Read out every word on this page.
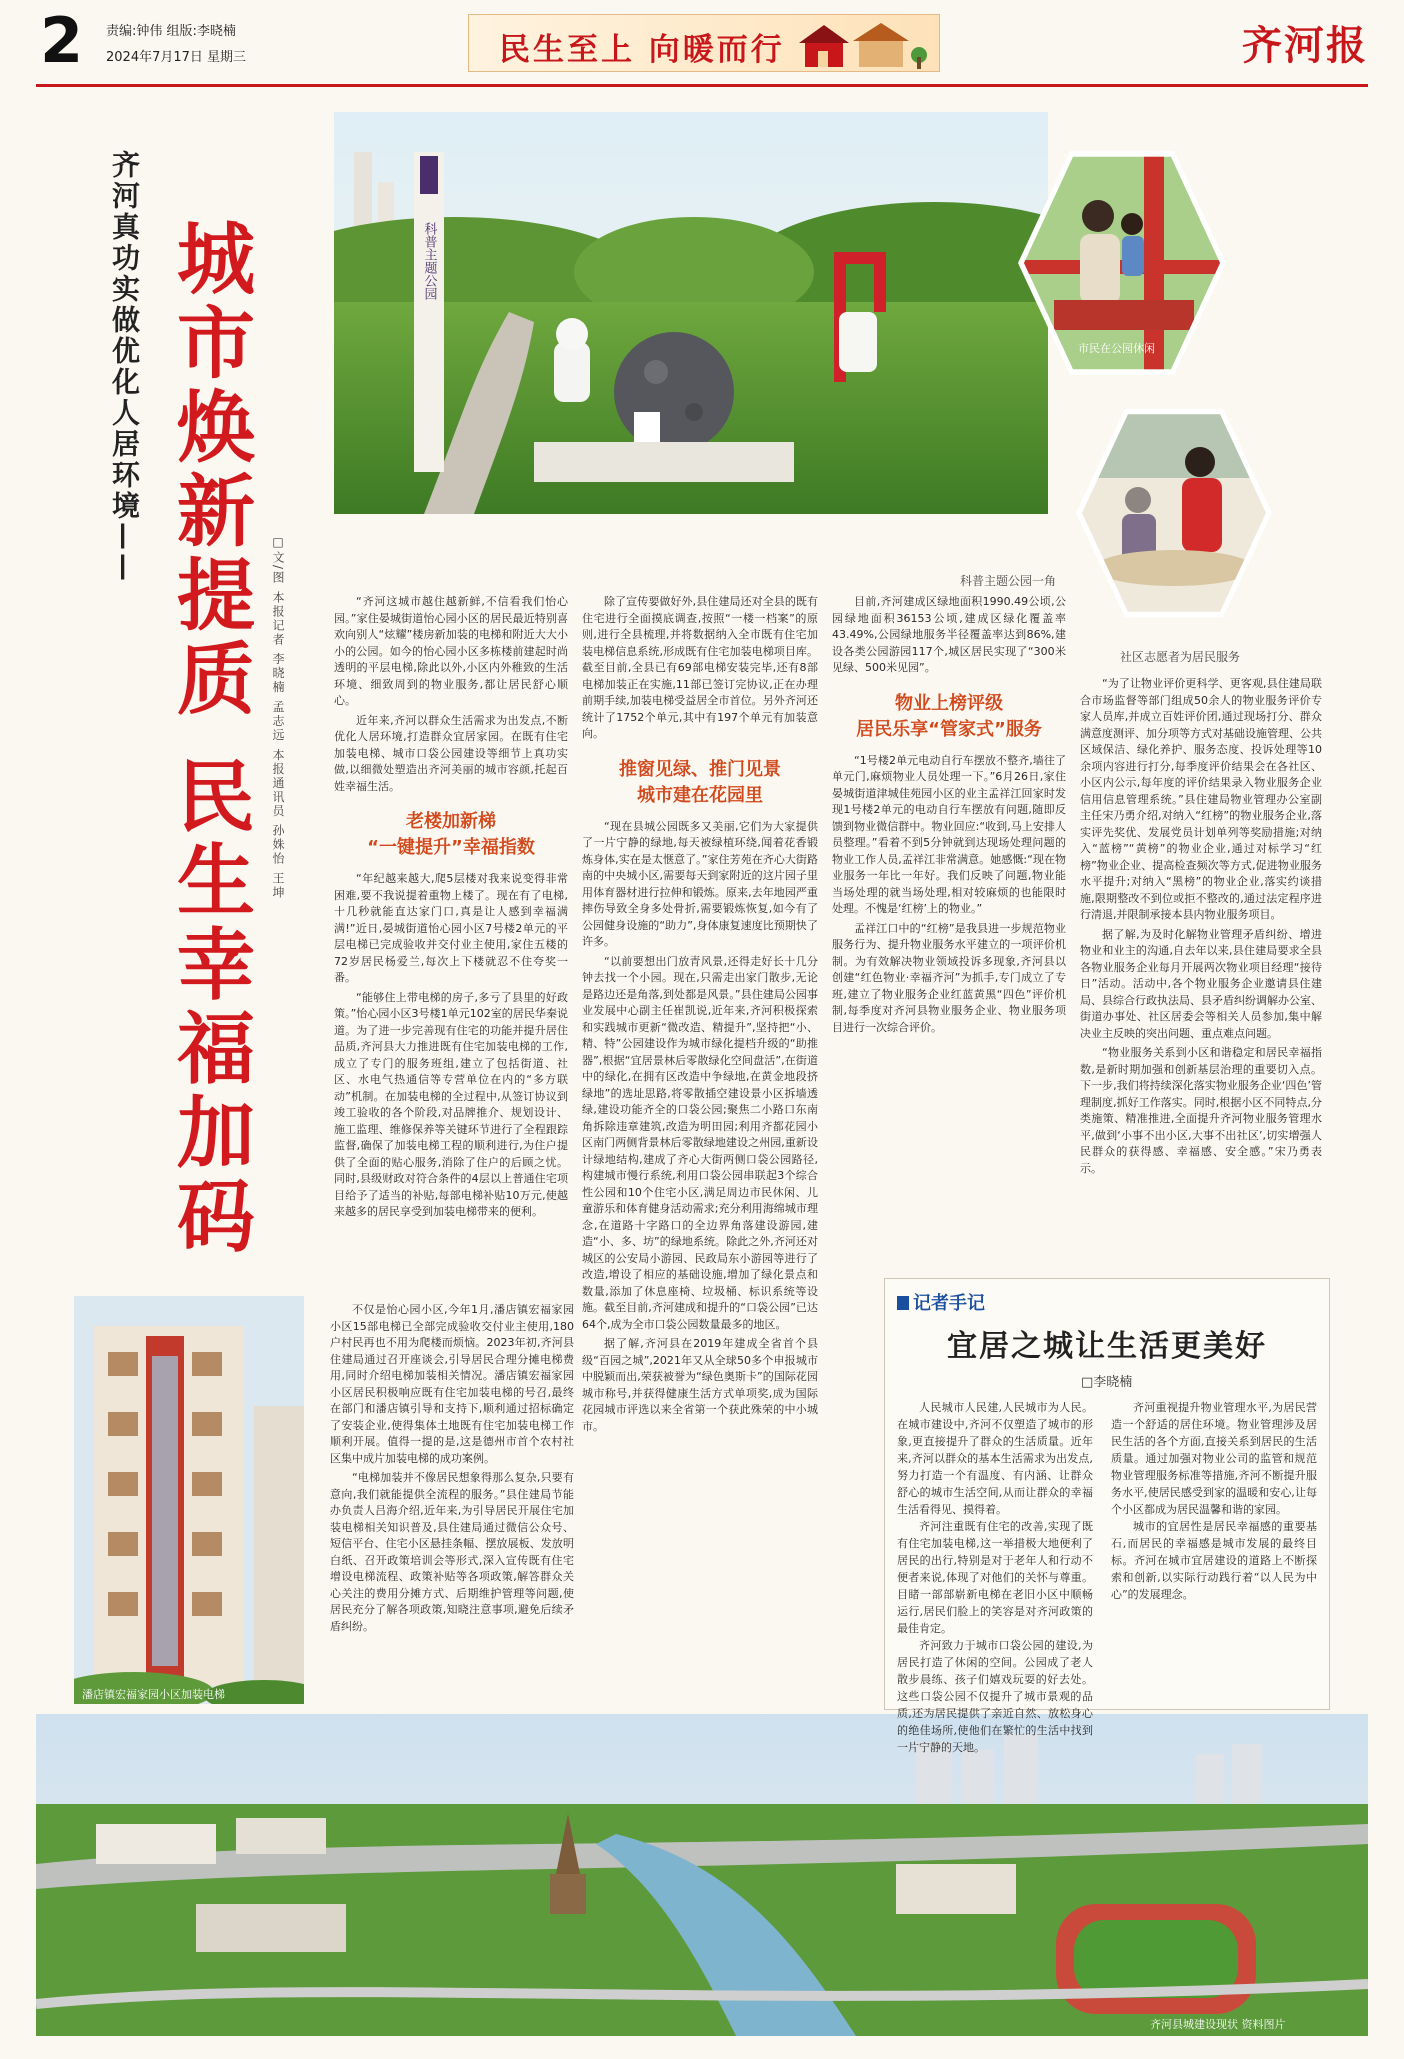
2 责编:钟伟 组版:李晓楠
2024年7月17日 星期三	民生至上 向暖而行	齐河报
齐河真功实做优化人居环境—— 城市焕新提质 民生幸福加码 □文/图 本报记者 李晓楠 孟志远 本报通讯员 孙姝怡 王坤
科普主题公园
科普主题公园一角
市民在公园休闲
社区志愿者为居民服务
潘店镇宏福家园小区加装电梯
齐河县城建设现状 资料图片

“齐河这城市越住越新鲜,不信看我们怡心园。”家住晏城街道怡心园小区的居民最近特别喜欢向别人“炫耀”楼房新加装的电梯和附近大大小小的公园。如今的怡心园小区多栋楼前建起时尚透明的平层电梯,除此以外,小区内外稚致的生活环境、细致周到的物业服务,都让居民舒心顺心。

近年来,齐河以群众生活需求为出发点,不断优化人居环境,打造群众宜居家园。在既有住宅加装电梯、城市口袋公园建设等细节上真功实做,以细微处塑造出齐河美丽的城市容颜,托起百姓幸福生活。

老楼加新梯
“一键提升”幸福指数

“年纪越来越大,爬5层楼对我来说变得非常困难,要不我说提着重物上楼了。现在有了电梯,十几秒就能直达家门口,真是让人感到幸福满满!”近日,晏城街道怡心园小区7号楼2单元的平层电梯已完成验收并交付业主使用,家住五楼的72岁居民杨爱兰,每次上下楼就忍不住夸奖一番。

“能够住上带电梯的房子,多亏了县里的好政策。”怡心园小区3号楼1单元102室的居民华秦说道。为了进一步完善现有住宅的功能并提升居住品质,齐河县大力推进既有住宅加装电梯的工作,成立了专门的服务班组,建立了包括街道、社区、水电气热通信等专营单位在内的“多方联动”机制。在加装电梯的全过程中,从签订协议到竣工验收的各个阶段,对品牌推介、规划设计、施工监理、维修保养等关键环节进行了全程跟踪监督,确保了加装电梯工程的顺利进行,为住户提供了全面的贴心服务,消除了住户的后顾之忧。同时,县级财政对符合条件的4层以上普通住宅项目给予了适当的补贴,每部电梯补贴10万元,使越来越多的居民享受到加装电梯带来的便利。

不仅是怡心园小区,今年1月,潘店镇宏福家园小区15部电梯已全部完成验收交付业主使用,180户村民再也不用为爬楼而烦恼。2023年初,齐河县住建局通过召开座谈会,引导居民合理分摊电梯费用,同时介绍电梯加装相关情况。潘店镇宏福家园小区居民积极响应既有住宅加装电梯的号召,最终在部门和潘店镇引导和支持下,顺利通过招标确定了安装企业,使得集体土地既有住宅加装电梯工作顺利开展。值得一提的是,这是德州市首个农村社区集中成片加装电梯的成功案例。

“电梯加装并不像居民想象得那么复杂,只要有意向,我们就能提供全流程的服务。”县住建局节能办负责人吕海介绍,近年来,为引导居民开展住宅加装电梯相关知识普及,县住建局通过微信公众号、短信平台、住宅小区悬挂条幅、摆放展板、发放明白纸、召开政策培训会等形式,深入宣传既有住宅增设电梯流程、政策补贴等各项政策,解答群众关心关注的费用分摊方式、后期维护管理等问题,使居民充分了解各项政策,知晓注意事项,避免后续矛盾纠纷。

除了宣传要做好外,县住建局还对全县的既有住宅进行全面摸底调查,按照“一楼一档案”的原则,进行全县梳理,并将数据纳入全市既有住宅加装电梯信息系统,形成既有住宅加装电梯项目库。截至目前,全县已有69部电梯安装完毕,还有8部电梯加装正在实施,11部已签订完协议,正在办理前期手续,加装电梯受益居全市首位。另外齐河还统计了1752个单元,其中有197个单元有加装意向。

推窗见绿、推门见景
城市建在花园里

“现在县城公园既多又美丽,它们为大家提供了一片宁静的绿地,每天被绿植环绕,闻着花香锻炼身体,实在是太惬意了。”家住芳苑在齐心大街路南的中央城小区,需要每天到家附近的这片园子里用体育器材进行拉伸和锻炼。原来,去年地园严重摔伤导致全身多处骨折,需要锻炼恢复,如今有了公园健身设施的“助力”,身体康复速度比预期快了许多。

“以前要想出门放青风景,还得走好长十几分钟去找一个小园。现在,只需走出家门散步,无论是路边还是角落,到处都是风景。”县住建局公园事业发展中心副主任崔凯说,近年来,齐河积极探索和实践城市更新“微改造、精提升”,坚持把“小、精、特”公园建设作为城市绿化提档升级的“助推器”,根据“宜居景林后零散绿化空间盘活”,在街道中的绿化,在拥有区改造中争绿地,在黄金地段挤绿地”的选址思路,将零散插空建设景小区拆墙透绿,建设功能齐全的口袋公园;聚焦二小路口东南角拆除违章建筑,改造为明田园;利用齐都花园小区南门两侧背景林后零散绿地建设之州园,重新设计绿地结构,建成了齐心大街两侧口袋公园路径,构建城市慢行系统,利用口袋公园串联起3个综合性公园和10个住宅小区,满足周边市民休闲、儿童游乐和体育健身活动需求;充分利用海绵城市理念,在道路十字路口的全边界角落建设游园,建造“小、多、坊”的绿地系统。除此之外,齐河还对城区的公安局小游园、民政局东小游园等进行了改造,增设了相应的基础设施,增加了绿化景点和数量,添加了休息座椅、垃圾桶、标识系统等设施。截至目前,齐河建成和提升的“口袋公园”已达64个,成为全市口袋公园数量最多的地区。

据了解,齐河县在2019年建成全省首个县级“百园之城”,2021年又从全球50多个申报城市中脱颖而出,荣获被誉为“绿色奥斯卡”的国际花园城市称号,并获得健康生活方式单项奖,成为国际花园城市评选以来全省第一个获此殊荣的中小城市。

目前,齐河建成区绿地面积1990.49公顷,公园绿地面积36153公顷,建成区绿化覆盖率43.49%,公园绿地服务半径覆盖率达到86%,建设各类公园游园117个,城区居民实现了“300米见绿、500米见园”。

物业上榜评级
居民乐享“管家式”服务

“1号楼2单元电动自行车摆放不整齐,墙往了单元门,麻烦物业人员处理一下。”6月26日,家住晏城街道津城佳苑园小区的业主孟祥江回家时发现1号楼2单元的电动自行车摆放有问题,随即反馈到物业微信群中。物业回应:“收到,马上安排人员整理。”看着不到5分钟就到达现场处理问题的物业工作人员,孟祥江非常满意。她感慨:“现在物业服务一年比一年好。我们反映了问题,物业能当场处理的就当场处理,相对较麻烦的也能限时处理。不愧是‘红榜’上的物业。”

孟祥江口中的“红榜”是我县进一步规范物业服务行为、提升物业服务水平建立的一项评价机制。为有效解决物业领域投诉多现象,齐河县以创建“红色物业·幸福齐河”为抓手,专门成立了专班,建立了物业服务企业红蓝黄黑“四色”评价机制,每季度对齐河县物业服务企业、物业服务项目进行一次综合评价。

“为了让物业评价更科学、更客观,县住建局联合市场监督等部门组成50余人的物业服务评价专家人员库,并成立百姓评价团,通过现场打分、群众满意度测评、加分项等方式对基础设施管理、公共区域保洁、绿化养护、服务态度、投诉处理等10余项内容进行打分,每季度评价结果会在各社区、小区内公示,每年度的评价结果录入物业服务企业信用信息管理系统。”县住建局物业管理办公室副主任宋乃勇介绍,对纳入“红榜”的物业服务企业,落实评先奖优、发展党员计划单列等奖励措施;对纳入“蓝榜”“黄榜”的物业企业,通过对标学习“红榜”物业企业、提高检查频次等方式,促进物业服务水平提升;对纳入“黑榜”的物业企业,落实约谈措施,限期整改不到位或拒不整改的,通过法定程序进行清退,并限制承接本县内物业服务项目。

据了解,为及时化解物业管理矛盾纠纷、增进物业和业主的沟通,自去年以来,县住建局要求全县各物业服务企业每月开展两次物业项目经理“接待日”活动。活动中,各个物业服务企业邀请县住建局、县综合行政执法局、县矛盾纠纷调解办公室、街道办事处、社区居委会等相关人员参加,集中解决业主反映的突出问题、重点难点问题。

“物业服务关系到小区和谐稳定和居民幸福指数,是新时期加强和创新基层治理的重要切入点。下一步,我们将持续深化落实物业服务企业‘四色’管理制度,抓好工作落实。同时,根据小区不同特点,分类施策、精准推进,全面提升齐河物业服务管理水平,做到‘小事不出小区,大事不出社区’,切实增强人民群众的获得感、幸福感、安全感。”宋乃勇表示。

记者手记
宜居之城让生活更美好
□李晓楠

人民城市人民建,人民城市为人民。在城市建设中,齐河不仅塑造了城市的形象,更直接提升了群众的生活质量。近年来,齐河以群众的基本生活需求为出发点,努力打造一个有温度、有内涵、让群众舒心的城市生活空间,从而让群众的幸福生活看得见、摸得着。

齐河注重既有住宅的改善,实现了既有住宅加装电梯,这一举措极大地便利了居民的出行,特别是对于老年人和行动不便者来说,体现了对他们的关怀与尊重。目睹一部部崭新电梯在老旧小区中顺畅运行,居民们脸上的笑容是对齐河政策的最佳肯定。

齐河致力于城市口袋公园的建设,为居民打造了休闲的空间。公园成了老人散步晨练、孩子们嬉戏玩耍的好去处。这些口袋公园不仅提升了城市景观的品质,还为居民提供了亲近自然、放松身心的绝佳场所,使他们在繁忙的生活中找到一片宁静的天地。

齐河重视提升物业管理水平,为居民营造一个舒适的居住环境。物业管理涉及居民生活的各个方面,直接关系到居民的生活质量。通过加强对物业公司的监管和规范物业管理服务标准等措施,齐河不断提升服务水平,使居民感受到家的温暖和安心,让每个小区都成为居民温馨和谐的家园。

城市的宜居性是居民幸福感的重要基石,而居民的幸福感是城市发展的最终目标。齐河在城市宜居建设的道路上不断探索和创新,以实际行动践行着“以人民为中心”的发展理念。
